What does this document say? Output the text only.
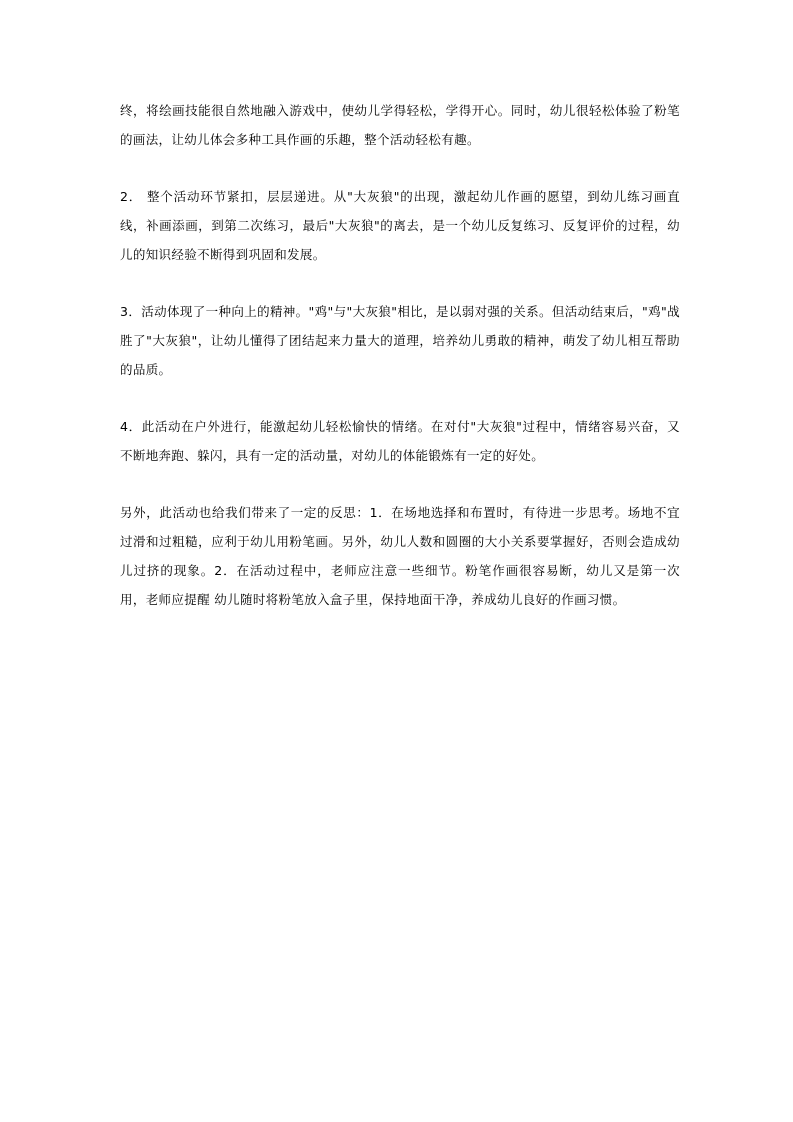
终，将绘画技能很自然地融入游戏中，使幼儿学得轻松，学得开心。同时，幼儿很轻松体验了粉笔的画法，让幼儿体会多种工具作画的乐趣，整个活动轻松有趣。

2． 整个活动环节紧扣，层层递进。从"大灰狼"的出现，激起幼儿作画的愿望，到幼儿练习画直线，补画添画，到第二次练习，最后"大灰狼"的离去，是一个幼儿反复练习、反复评价的过程，幼儿的知识经验不断得到巩固和发展。

3．活动体现了一种向上的精神。"鸡"与"大灰狼"相比，是以弱对强的关系。但活动结束后，"鸡"战胜了"大灰狼"，让幼儿懂得了团结起来力量大的道理，培养幼儿勇敢的精神，萌发了幼儿相互帮助的品质。

4．此活动在户外进行，能激起幼儿轻松愉快的情绪。在对付"大灰狼"过程中，情绪容易兴奋，又不断地奔跑、躲闪，具有一定的活动量，对幼儿的体能锻炼有一定的好处。

另外，此活动也给我们带来了一定的反思：1．在场地选择和布置时，有待进一步思考。场地不宜过滑和过粗糙，应利于幼儿用粉笔画。另外，幼儿人数和圆圈的大小关系要掌握好，否则会造成幼儿过挤的现象。2．在活动过程中，老师应注意一些细节。粉笔作画很容易断，幼儿又是第一次用，老师应提醒 幼儿随时将粉笔放入盒子里，保持地面干净，养成幼儿良好的作画习惯。
